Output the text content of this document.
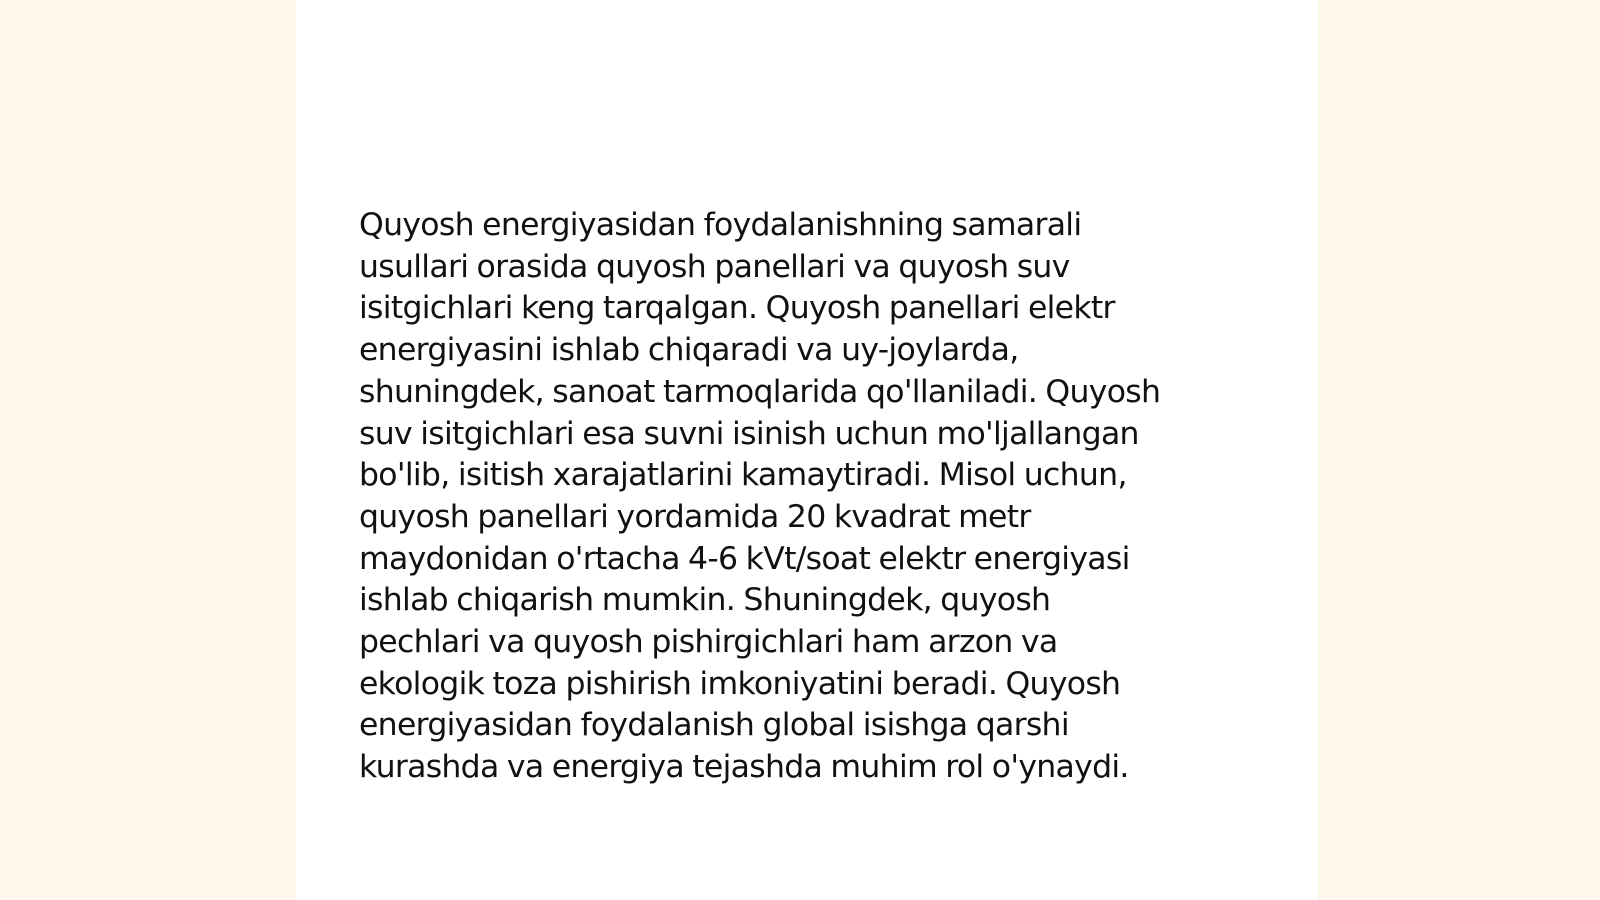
Quyosh energiyasidan foydalanishning samarali
usullari orasida quyosh panellari va quyosh suv
isitgichlari keng tarqalgan. Quyosh panellari elektr
energiyasini ishlab chiqaradi va uy-joylarda,
shuningdek, sanoat tarmoqlarida qo'llaniladi. Quyosh
suv isitgichlari esa suvni isinish uchun mo'ljallangan
bo'lib, isitish xarajatlarini kamaytiradi. Misol uchun,
quyosh panellari yordamida 20 kvadrat metr
maydonidan o'rtacha 4-6 kVt/soat elektr energiyasi
ishlab chiqarish mumkin. Shuningdek, quyosh
pechlari va quyosh pishirgichlari ham arzon va
ekologik toza pishirish imkoniyatini beradi. Quyosh
energiyasidan foydalanish global isishga qarshi
kurashda va energiya tejashda muhim rol o'ynaydi.
